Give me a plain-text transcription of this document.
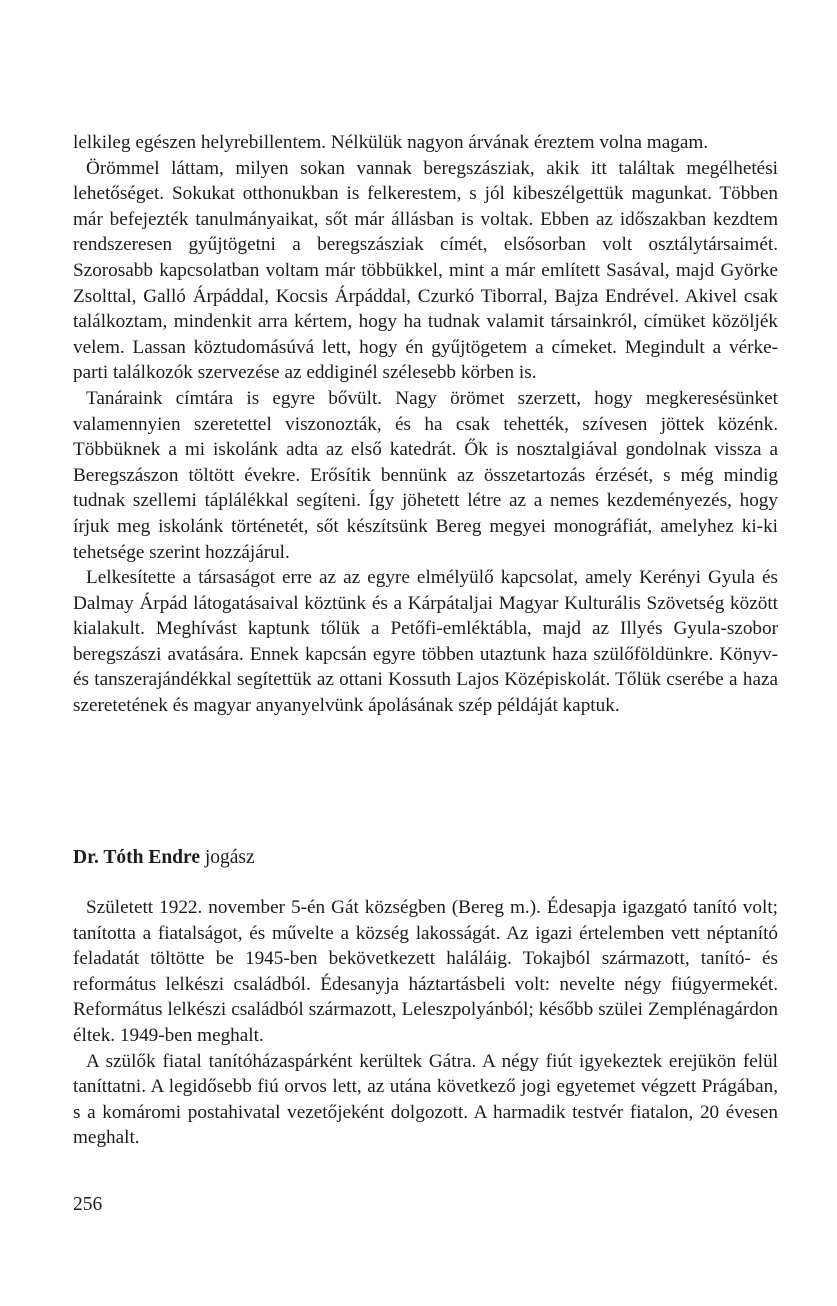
lelkileg egészen helyrebillentem. Nélkülük nagyon árvának éreztem volna magam.

Örömmel láttam, milyen sokan vannak beregszásziak, akik itt találtak megélhetési lehetőséget. Sokukat otthonukban is felkerestem, s jól kibeszélgettük magunkat. Többen már befejezték tanulmányaikat, sőt már állásban is voltak. Ebben az időszakban kezdtem rendszeresen gyűjtögetni a beregszásziak címét, elsősorban volt osztálytársaimét. Szorosabb kapcsolatban voltam már többükkel, mint a már említett Sasával, majd Györke Zsolttal, Galló Árpáddal, Kocsis Árpáddal, Czurkó Tiborral, Bajza Endrével. Akivel csak találkoztam, mindenkit arra kértem, hogy ha tudnak valamit társainkról, címüket közöljék velem. Lassan köztudomásúvá lett, hogy én gyűjtögetem a címeket. Megindult a vérke-parti találkozók szervezése az eddiginél szélesebb körben is.

Tanáraink címtára is egyre bővült. Nagy örömet szerzett, hogy megkeresésünket valamennyien szeretettel viszonozták, és ha csak tehették, szívesen jöttek közénk. Többüknek a mi iskolánk adta az első katedrát. Ők is nosztalgiával gondolnak vissza a Beregszászon töltött évekre. Erősítik bennünk az összetartozás érzését, s még mindig tudnak szellemi táplálékkal segíteni. Így jöhetett létre az a nemes kezdeményezés, hogy írjuk meg iskolánk történetét, sőt készítsünk Bereg megyei monográfiát, amelyhez ki-ki tehetsége szerint hozzájárul.

Lelkesítette a társaságot erre az az egyre elmélyülő kapcsolat, amely Kerényi Gyula és Dalmay Árpád látogatásaival köztünk és a Kárpátaljai Magyar Kulturális Szövetség között kialakult. Meghívást kaptunk tőlük a Petőfi-emléktábla, majd az Illyés Gyula-szobor beregszászi avatására. Ennek kapcsán egyre többen utaztunk haza szülőföldünkre. Könyv- és tanszerajándékkal segítettük az ottani Kossuth Lajos Középiskolát. Tőlük cserébe a haza szeretetének és magyar anyanyelvünk ápolásának szép példáját kaptuk.

Dr. Tóth Endre jogász

Született 1922. november 5-én Gát községben (Bereg m.). Édesapja igazgató tanító volt; tanította a fiatalságot, és művelte a község lakosságát. Az igazi értelemben vett néptanító feladatát töltötte be 1945-ben bekövetkezett haláláig. Tokajból származott, tanító- és református lelkészi családból. Édesanyja háztartásbeli volt: nevelte négy fiúgyermekét. Református lelkészi családból származott, Leleszpolyánból; később szülei Zemplénagárdon éltek. 1949-ben meghalt.

A szülők fiatal tanítóházaspárként kerültek Gátra. A négy fiút igyekeztek erejükön felül taníttatni. A legidősebb fiú orvos lett, az utána következő jogi egyetemet végzett Prágában, s a komáromi postahivatal vezetőjeként dolgozott. A harmadik testvér fiatalon, 20 évesen meghalt.

256
